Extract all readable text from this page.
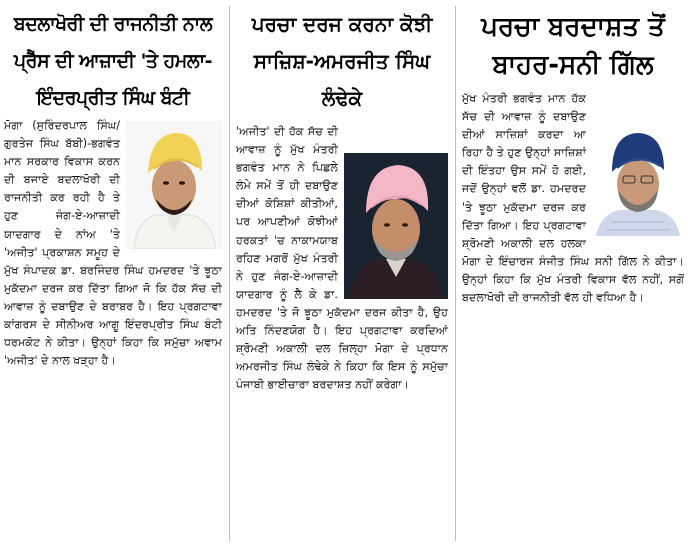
ਬਦਲਾਖੋਰੀ ਦੀ ਰਾਜਨੀਤੀ ਨਾਲ ਪ੍ਰੈੱਸ ਦੀ ਆਜ਼ਾਦੀ 'ਤੇ ਹਮਲਾ- ਇੰਦਰਪ੍ਰੀਤ ਸਿੰਘ ਬੰਟੀ
ਮੋਗਾ (ਸੁਰਿੰਦਰਪਾਲ ਸਿੰਘ/ਗੁਰਤੇਜ ਸਿੰਘ ਬੱਬੀ)-ਭਗਵੰਤ ਮਾਨ ਸਰਕਾਰ ਵਿਕਾਸ ਕਰਨ ਦੀ ਬਜਾਏ ਬਦਲਾਖੋਰੀ ਦੀ ਰਾਜਨੀਤੀ ਕਰ ਰਹੀ ਹੈ ਤੇ ਹੁਣ ਜੰਗ-ਏ-ਆਜ਼ਾਦੀ ਯਾਦਗਾਰ ਦੇ ਨਾਂਅ 'ਤੇ 'ਅਜੀਤ' ਪ੍ਰਕਾਸ਼ਨ ਸਮੂਹ ਦੇ ਮੁੱਖ ਸੰਪਾਦਕ ਡਾ. ਬਰਜਿੰਦਰ ਸਿੰਘ ਹਮਦਰਦ 'ਤੇ ਝੂਠਾ ਮੁਕੱਦਮਾ ਦਰਜ ਕਰ ਦਿੱਤਾ ਗਿਆ ਜੋ ਕਿ ਹੱਕ ਸੱਚ ਦੀ ਆਵਾਜ਼ ਨੂੰ ਦਬਾਉਣ ਦੇ ਬਰਾਬਰ ਹੈ। ਇਹ ਪ੍ਰਗਟਾਵਾ ਕਾਂਗਰਸ ਦੇ ਸੀਨੀਅਰ ਆਗੂ ਇੰਦਰਪ੍ਰੀਤ ਸਿੰਘ ਬੰਟੀ ਧਰਮਕੋਟ ਨੇ ਕੀਤਾ। ਉਨ੍ਹਾਂ ਕਿਹਾ ਕਿ ਸਮੁੱਚਾ ਅਵਾਮ 'ਅਜੀਤ' ਦੇ ਨਾਲ ਖੜ੍ਹਾ ਹੈ।
ਪਰਚਾ ਦਰਜ ਕਰਨਾ ਕੋਝੀ ਸਾਜ਼ਿਸ਼-ਅਮਰਜੀਤ ਸਿੰਘ ਲੰਢੇਕੇ
'ਅਜੀਤ' ਦੀ ਹੱਕ ਸੱਚ ਦੀ ਆਵਾਜ਼ ਨੂੰ ਮੁੱਖ ਮੰਤਰੀ ਭਗਵੰਤ ਮਾਨ ਨੇ ਪਿਛਲੇ ਲੰਮੇ ਸਮੇਂ ਤੋਂ ਹੀ ਦਬਾਉਣ ਦੀਆਂ ਕੋਸ਼ਿਸ਼ਾਂ ਕੀਤੀਆਂ, ਪਰ ਆਪਣੀਆਂ ਕੋਝੀਆਂ ਹਰਕਤਾਂ 'ਚ ਨਾਕਾਮਯਾਬ ਰਹਿਣ ਮਗਰੋਂ ਮੁੱਖ ਮੰਤਰੀ ਨੇ ਹੁਣ ਜੰਗ-ਏ-ਆਜ਼ਾਦੀ ਯਾਦਗਾਰ ਨੂੰ ਲੈ ਕੇ ਡਾ. ਹਮਦਰਦ 'ਤੇ ਜੋ ਝੂਠਾ ਮੁਕੱਦਮਾ ਦਰਜ ਕੀਤਾ ਹੈ, ਉਹ ਅਤਿ ਨਿੰਦਣਯੋਗ ਹੈ। ਇਹ ਪ੍ਰਗਟਾਵਾ ਕਰਦਿਆਂ ਸ਼੍ਰੋਮਣੀ ਅਕਾਲੀ ਦਲ ਜ਼ਿਲ੍ਹਾ ਮੋਗਾ ਦੇ ਪ੍ਰਧਾਨ ਅਮਰਜੀਤ ਸਿੰਘ ਲੰਢੇਕੇ ਨੇ ਕਿਹਾ ਕਿ ਇਸ ਨੂੰ ਸਮੁੱਚਾ ਪੰਜਾਬੀ ਭਾਈਚਾਰਾ ਬਰਦਾਸ਼ਤ ਨਹੀਂ ਕਰੇਗਾ।
ਪਰਚਾ ਬਰਦਾਸ਼ਤ ਤੋਂ ਬਾਹਰ-ਸਨੀ ਗਿੱਲ
ਮੁੱਖ ਮੰਤਰੀ ਭਗਵੰਤ ਮਾਨ ਹੱਕ ਸੱਚ ਦੀ ਆਵਾਜ਼ ਨੂੰ ਦਬਾਉਣ ਦੀਆਂ ਸਾਜ਼ਿਸ਼ਾਂ ਕਰਦਾ ਆ ਰਿਹਾ ਹੈ ਤੇ ਹੁਣ ਉਨ੍ਹਾਂ ਸਾਜ਼ਿਸ਼ਾਂ ਦੀ ਇੰਤਹਾ ਉਸ ਸਮੇਂ ਹੋ ਗਈ, ਜਦੋਂ ਉਨ੍ਹਾਂ ਵਲੋਂ ਡਾ. ਹਮਦਰਦ 'ਤੇ ਝੂਠਾ ਮੁਕੱਦਮਾ ਦਰਜ ਕਰ ਦਿੱਤਾ ਗਿਆ। ਇਹ ਪ੍ਰਗਟਾਵਾ ਸ਼੍ਰੋਮਣੀ ਅਕਾਲੀ ਦਲ ਹਲਕਾ ਮੋਗਾ ਦੇ ਇੰਚਾਰਜ ਸੰਜੀਤ ਸਿੰਘ ਸਨੀ ਗਿੱਲ ਨੇ ਕੀਤਾ। ਉਨ੍ਹਾਂ ਕਿਹਾ ਕਿ ਮੁੱਖ ਮੰਤਰੀ ਵਿਕਾਸ ਵੱਲ ਨਹੀਂ, ਸਗੋਂ ਬਦਲਾਖੋਰੀ ਦੀ ਰਾਜਨੀਤੀ ਵੱਲ ਹੀ ਵਧਿਆ ਹੈ।
